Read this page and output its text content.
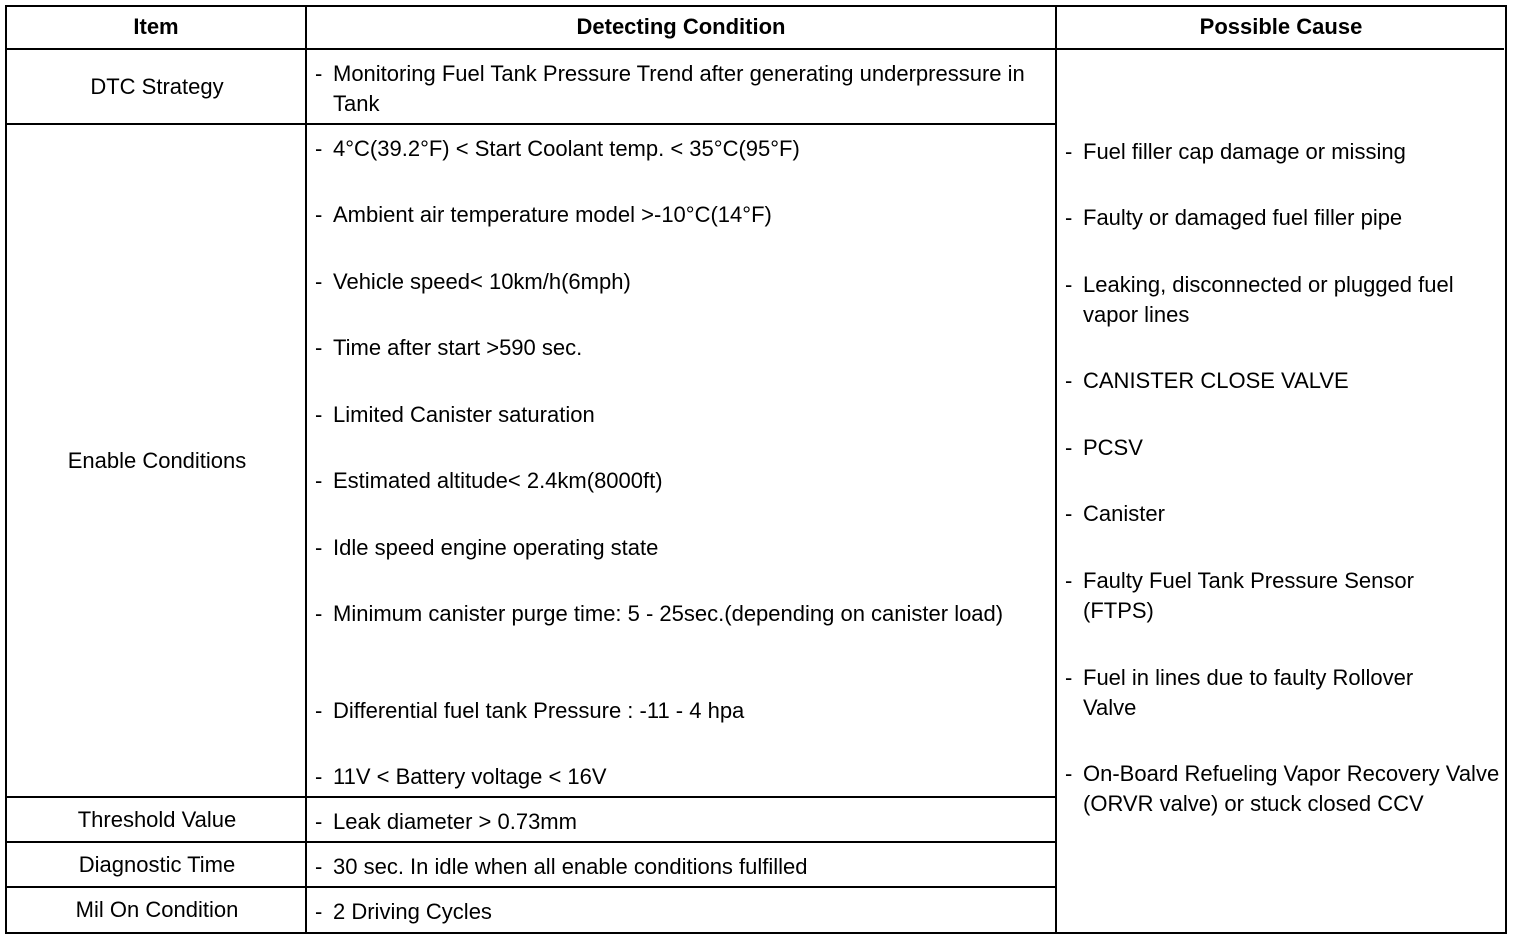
Item	Detecting Condition	Possible Cause
DTC Strategy
Enable Conditions
Threshold Value
Diagnostic Time
Mil On Condition
- Monitoring Fuel Tank Pressure Trend after generating underpressure in Tank
- 4°C(39.2°F) < Start Coolant temp. < 35°C(95°F)
- Ambient air temperature model >-10°C(14°F)
- Vehicle speed< 10km/h(6mph)
- Time after start >590 sec.
- Limited Canister saturation
- Estimated altitude< 2.4km(8000ft)
- Idle speed engine operating state
- Minimum canister purge time: 5 - 25sec.(depending on canister load)
- Differential fuel tank Pressure : -11 - 4 hpa
- 11V < Battery voltage < 16V
- Leak diameter > 0.73mm
- 30 sec. In idle when all enable conditions fulfilled
- 2 Driving Cycles
- Fuel filler cap damage or missing
- Faulty or damaged fuel filler pipe
- Leaking, disconnected or plugged fuel vapor lines
- CANISTER CLOSE VALVE
- PCSV
- Canister
- Faulty Fuel Tank Pressure Sensor (FTPS)
- Fuel in lines due to faulty Rollover Valve
- On-Board Refueling Vapor Recovery Valve (ORVR valve) or stuck closed CCV
